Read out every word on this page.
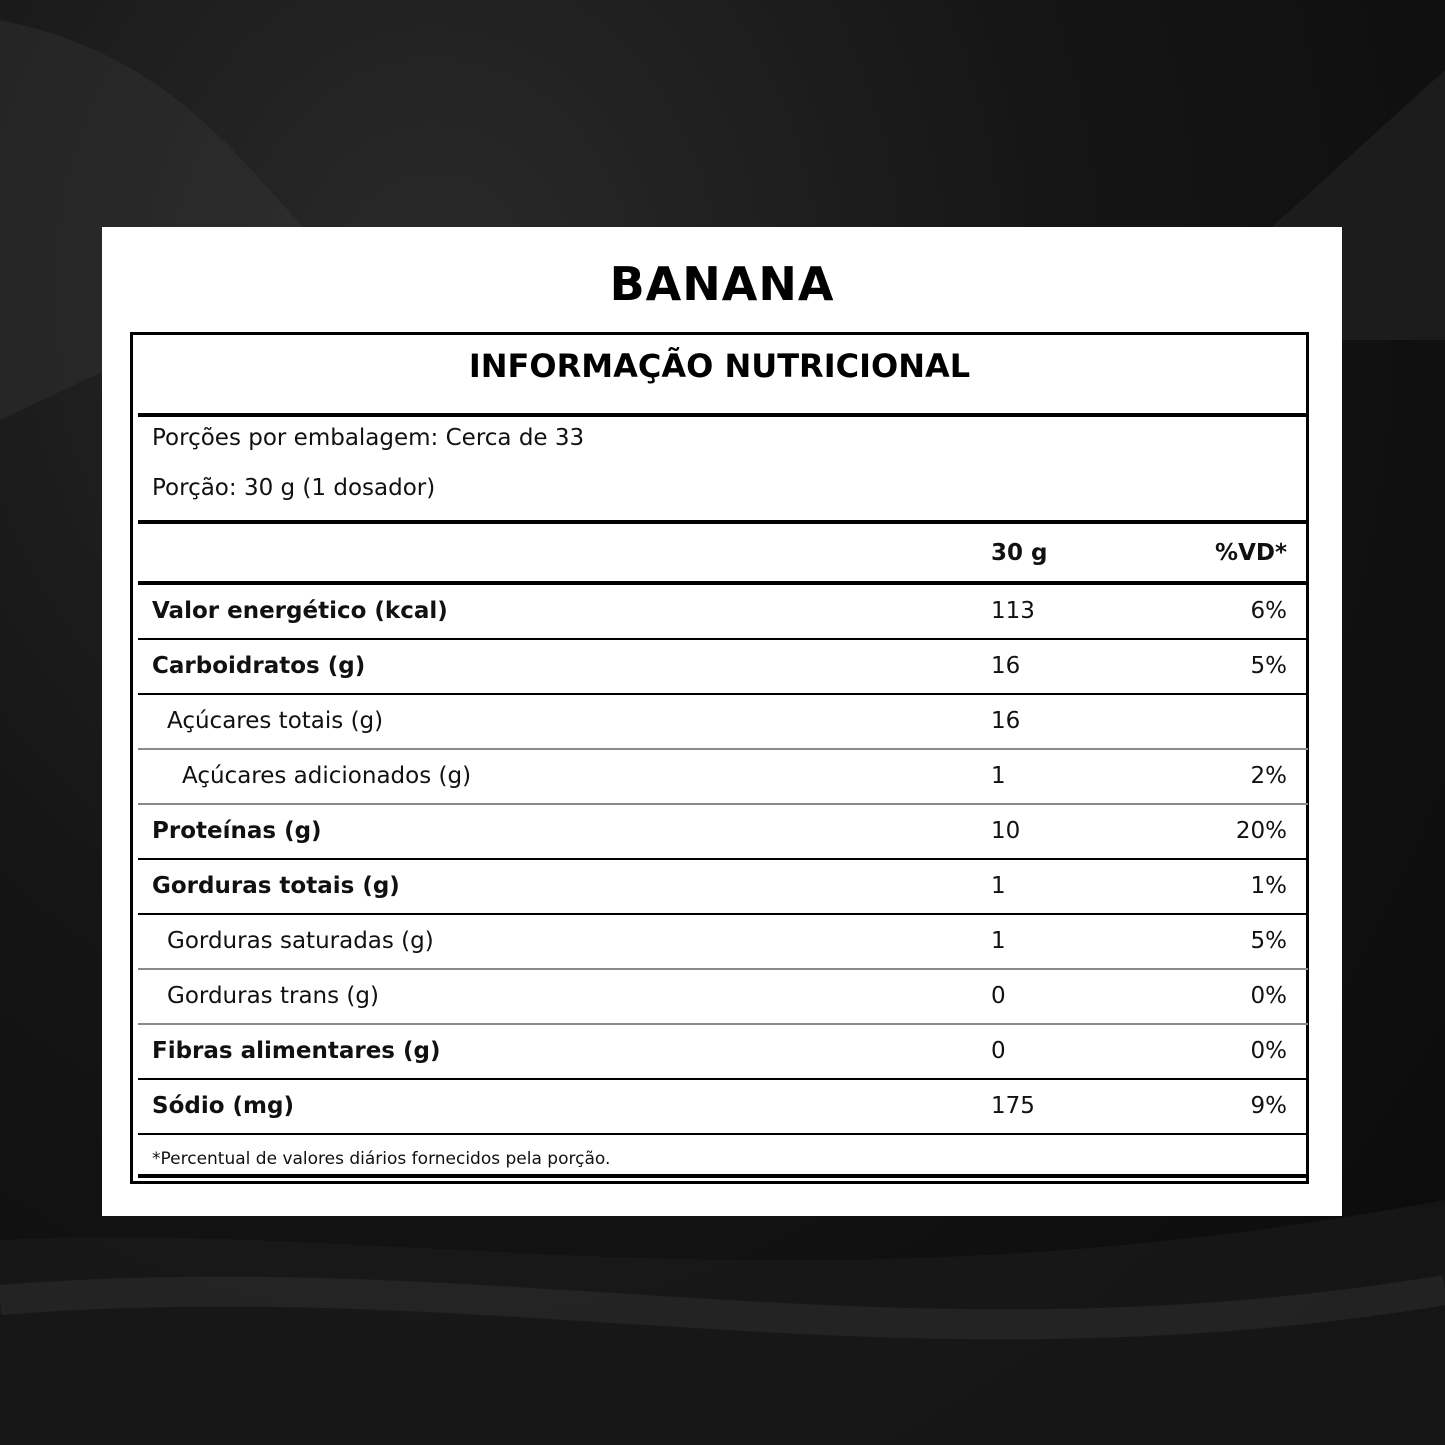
BANANA
INFORMAÇÃO NUTRICIONAL
Porções por embalagem: Cerca de 33
Porção: 30 g (1 dosador)
30 g	%VD*
Valor energético (kcal)	113	6%
Carboidratos (g)	16	5%
Açúcares totais (g)	16
Açúcares adicionados (g)	1	2%
Proteínas (g)	10	20%
Gorduras totais (g)	1	1%
Gorduras saturadas (g)	1	5%
Gorduras trans (g)	0	0%
Fibras alimentares (g)	0	0%
Sódio (mg)	175	9%
*Percentual de valores diários fornecidos pela porção.
